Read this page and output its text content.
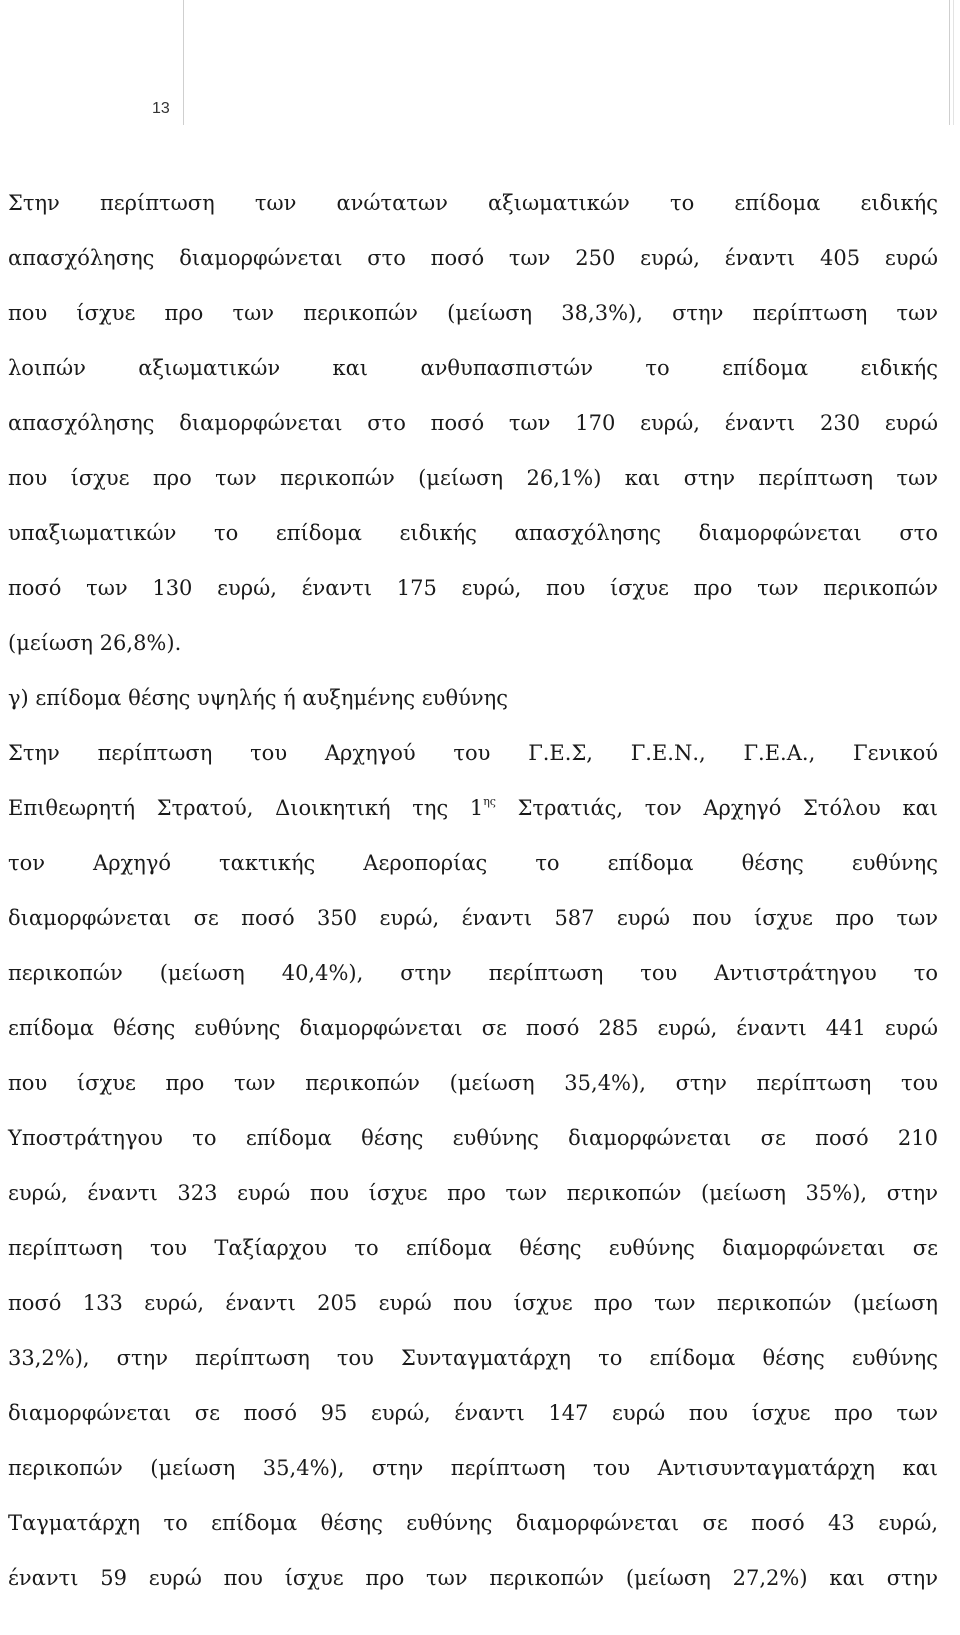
13
Στην περίπτωση των ανώτατων αξιωματικών το επίδομα ειδικής
απασχόλησης διαμορφώνεται στο ποσό των 250 ευρώ, έναντι 405 ευρώ
που ίσχυε προ των περικοπών (μείωση 38,3%), στην περίπτωση των
λοιπών αξιωματικών και ανθυπασπιστών το επίδομα ειδικής
απασχόλησης διαμορφώνεται στο ποσό των 170 ευρώ, έναντι 230 ευρώ
που ίσχυε προ των περικοπών (μείωση 26,1%) και στην περίπτωση των
υπαξιωματικών το επίδομα ειδικής απασχόλησης διαμορφώνεται στο
ποσό των 130 ευρώ, έναντι 175 ευρώ, που ίσχυε προ των περικοπών
(μείωση 26,8%).
γ) επίδομα θέσης υψηλής ή αυξημένης ευθύνης
Στην περίπτωση του Αρχηγού του Γ.Ε.Σ, Γ.Ε.Ν., Γ.Ε.Α., Γενικού
Επιθεωρητή Στρατού, Διοικητική της $1^{\eta\varsigma}$ Στρατιάς, τον Αρχηγό Στόλου και
τον Αρχηγό τακτικής Αεροπορίας το επίδομα θέσης ευθύνης
διαμορφώνεται σε ποσό 350 ευρώ, έναντι 587 ευρώ που ίσχυε προ των
περικοπών (μείωση 40,4%), στην περίπτωση του Αντιστράτηγου το
επίδομα θέσης ευθύνης διαμορφώνεται σε ποσό 285 ευρώ, έναντι 441 ευρώ
που ίσχυε προ των περικοπών (μείωση 35,4%), στην περίπτωση του
Υποστράτηγου το επίδομα θέσης ευθύνης διαμορφώνεται σε ποσό 210
ευρώ, έναντι 323 ευρώ που ίσχυε προ των περικοπών (μείωση 35%), στην
περίπτωση του Ταξίαρχου το επίδομα θέσης ευθύνης διαμορφώνεται σε
ποσό 133 ευρώ, έναντι 205 ευρώ που ίσχυε προ των περικοπών (μείωση
33,2%), στην περίπτωση του Συνταγματάρχη το επίδομα θέσης ευθύνης
διαμορφώνεται σε ποσό 95 ευρώ, έναντι 147 ευρώ που ίσχυε προ των
περικοπών (μείωση 35,4%), στην περίπτωση του Αντισυνταγματάρχη και
Ταγματάρχη το επίδομα θέσης ευθύνης διαμορφώνεται σε ποσό 43 ευρώ,
έναντι 59 ευρώ που ίσχυε προ των περικοπών (μείωση 27,2%) και στην
